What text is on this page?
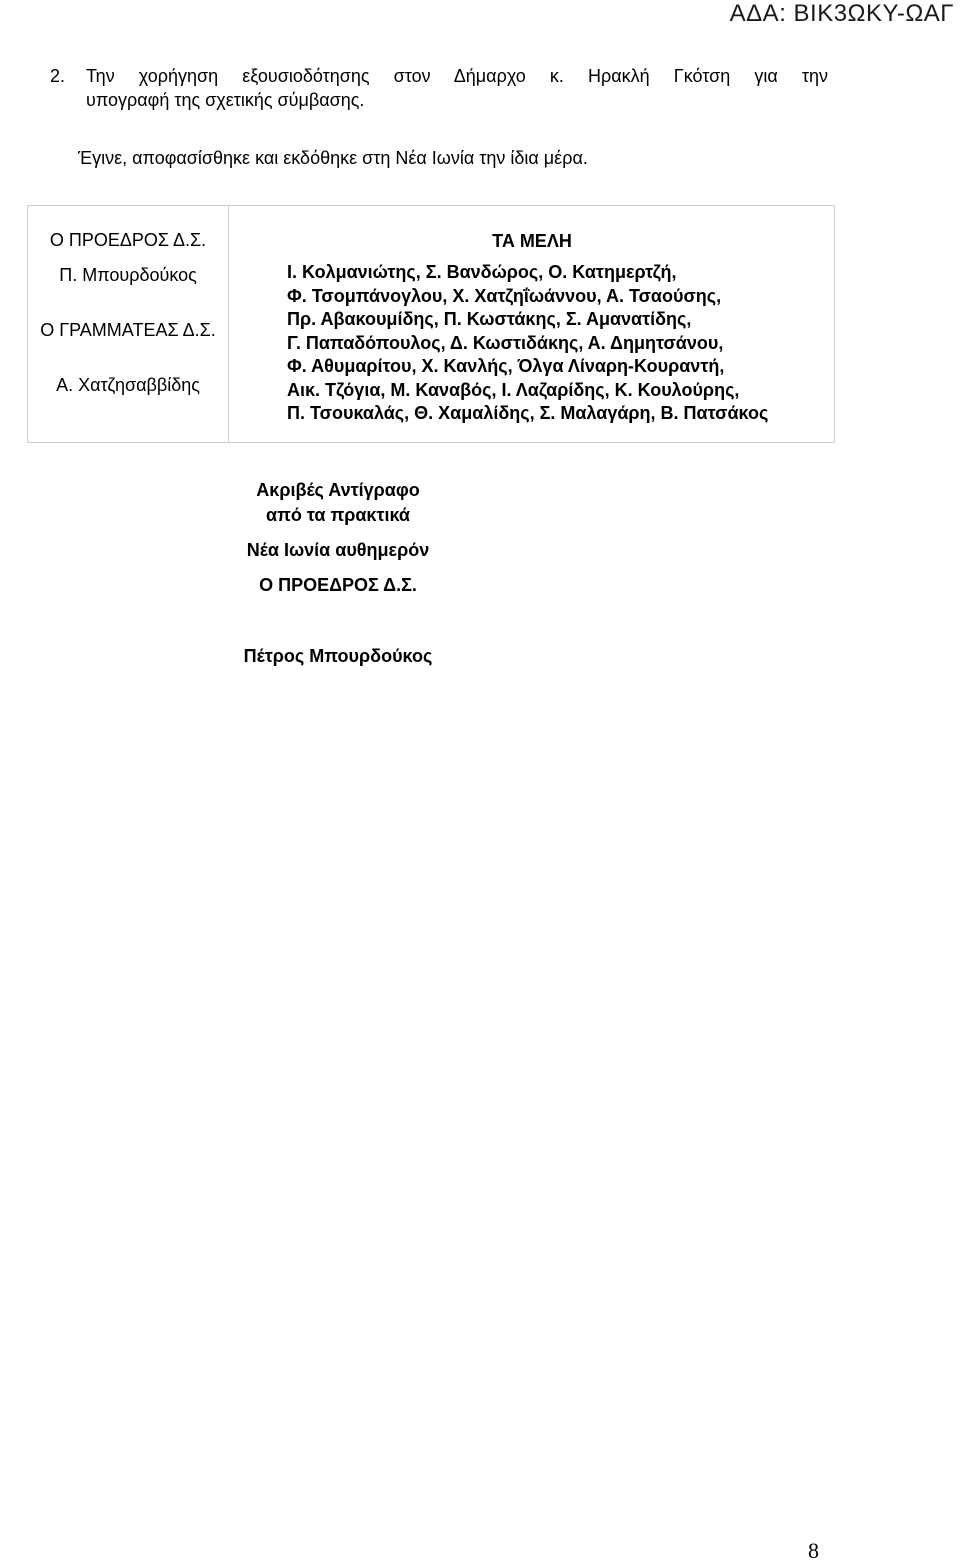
ΑΔΑ: ΒΙΚ3ΩΚΥ-ΩΑΓ
2. Την χορήγηση εξουσιοδότησης στον Δήμαρχο κ. Ηρακλή Γκότση για την
υπογραφή της σχετικής σύμβασης.
Έγινε, αποφασίσθηκε και εκδόθηκε στη Νέα Ιωνία την ίδια μέρα.
Ο ΠΡΟΕΔΡΟΣ Δ.Σ.
Π. Μπουρδούκος
Ο ΓΡΑΜΜΑΤΕΑΣ Δ.Σ.
Α. Χατζησαββίδης
ΤΑ ΜΕΛΗ
Ι. Κολμανιώτης, Σ. Βανδώρος, Ο. Κατημερτζή,
Φ. Τσομπάνογλου, Χ. Χατζηΐωάννου, Α. Τσαούσης,
Πρ. Αβακουμίδης, Π. Κωστάκης, Σ. Αμανατίδης,
Γ. Παπαδόπουλος, Δ. Κωστιδάκης, Α. Δημητσάνου,
Φ. Αθυμαρίτου, Χ. Κανλής, Όλγα Λίναρη-Κουραντή,
Αικ. Τζόγια, Μ. Καναβός, Ι. Λαζαρίδης, Κ. Κουλούρης,
Π. Τσουκαλάς, Θ. Χαμαλίδης, Σ. Μαλαγάρη, Β. Πατσάκος
Ακριβές Αντίγραφο
από τα πρακτικά
Νέα Ιωνία αυθημερόν
Ο ΠΡΟΕΔΡΟΣ Δ.Σ.
Πέτρος Μπουρδούκος
8
